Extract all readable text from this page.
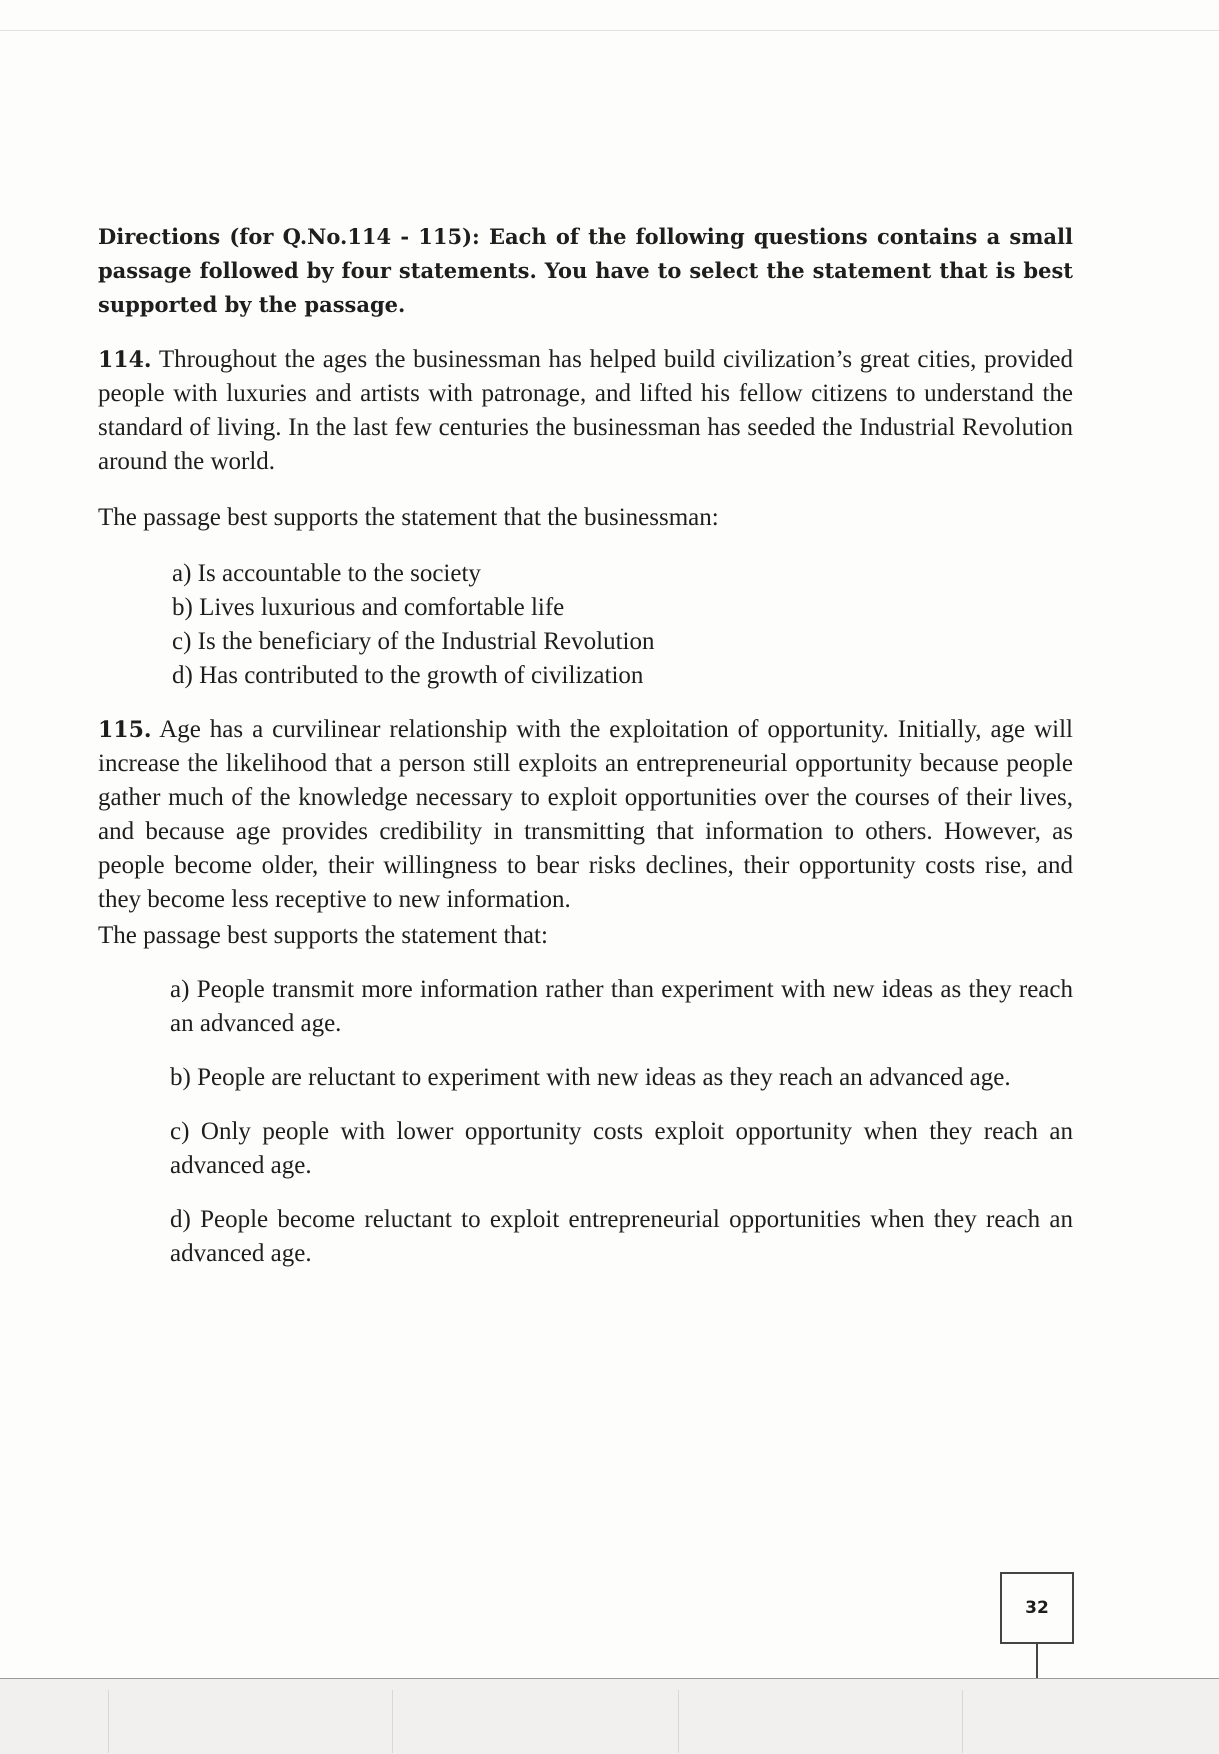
Directions (for Q.No.114 - 115): Each of the following questions contains a small passage followed by four statements. You have to select the statement that is best supported by the passage.

114. Throughout the ages the businessman has helped build civilization’s great cities, provided people with luxuries and artists with patronage, and lifted his fellow citizens to understand the standard of living. In the last few centuries the businessman has seeded the Industrial Revolution around the world.

The passage best supports the statement that the businessman:

a) Is accountable to the society
b) Lives luxurious and comfortable life
c) Is the beneficiary of the Industrial Revolution
d) Has contributed to the growth of civilization

115. Age has a curvilinear relationship with the exploitation of opportunity. Initially, age will increase the likelihood that a person still exploits an entrepreneurial opportunity because people gather much of the knowledge necessary to exploit opportunities over the courses of their lives, and because age provides credibility in transmitting that information to others. However, as people become older, their willingness to bear risks declines, their opportunity costs rise, and they become less receptive to new information.

The passage best supports the statement that:

a) People transmit more information rather than experiment with new ideas as they reach an advanced age.

b) People are reluctant to experiment with new ideas as they reach an advanced age.

c) Only people with lower opportunity costs exploit opportunity when they reach an advanced age.

d) People become reluctant to exploit entrepreneurial opportunities when they reach an advanced age.

32
